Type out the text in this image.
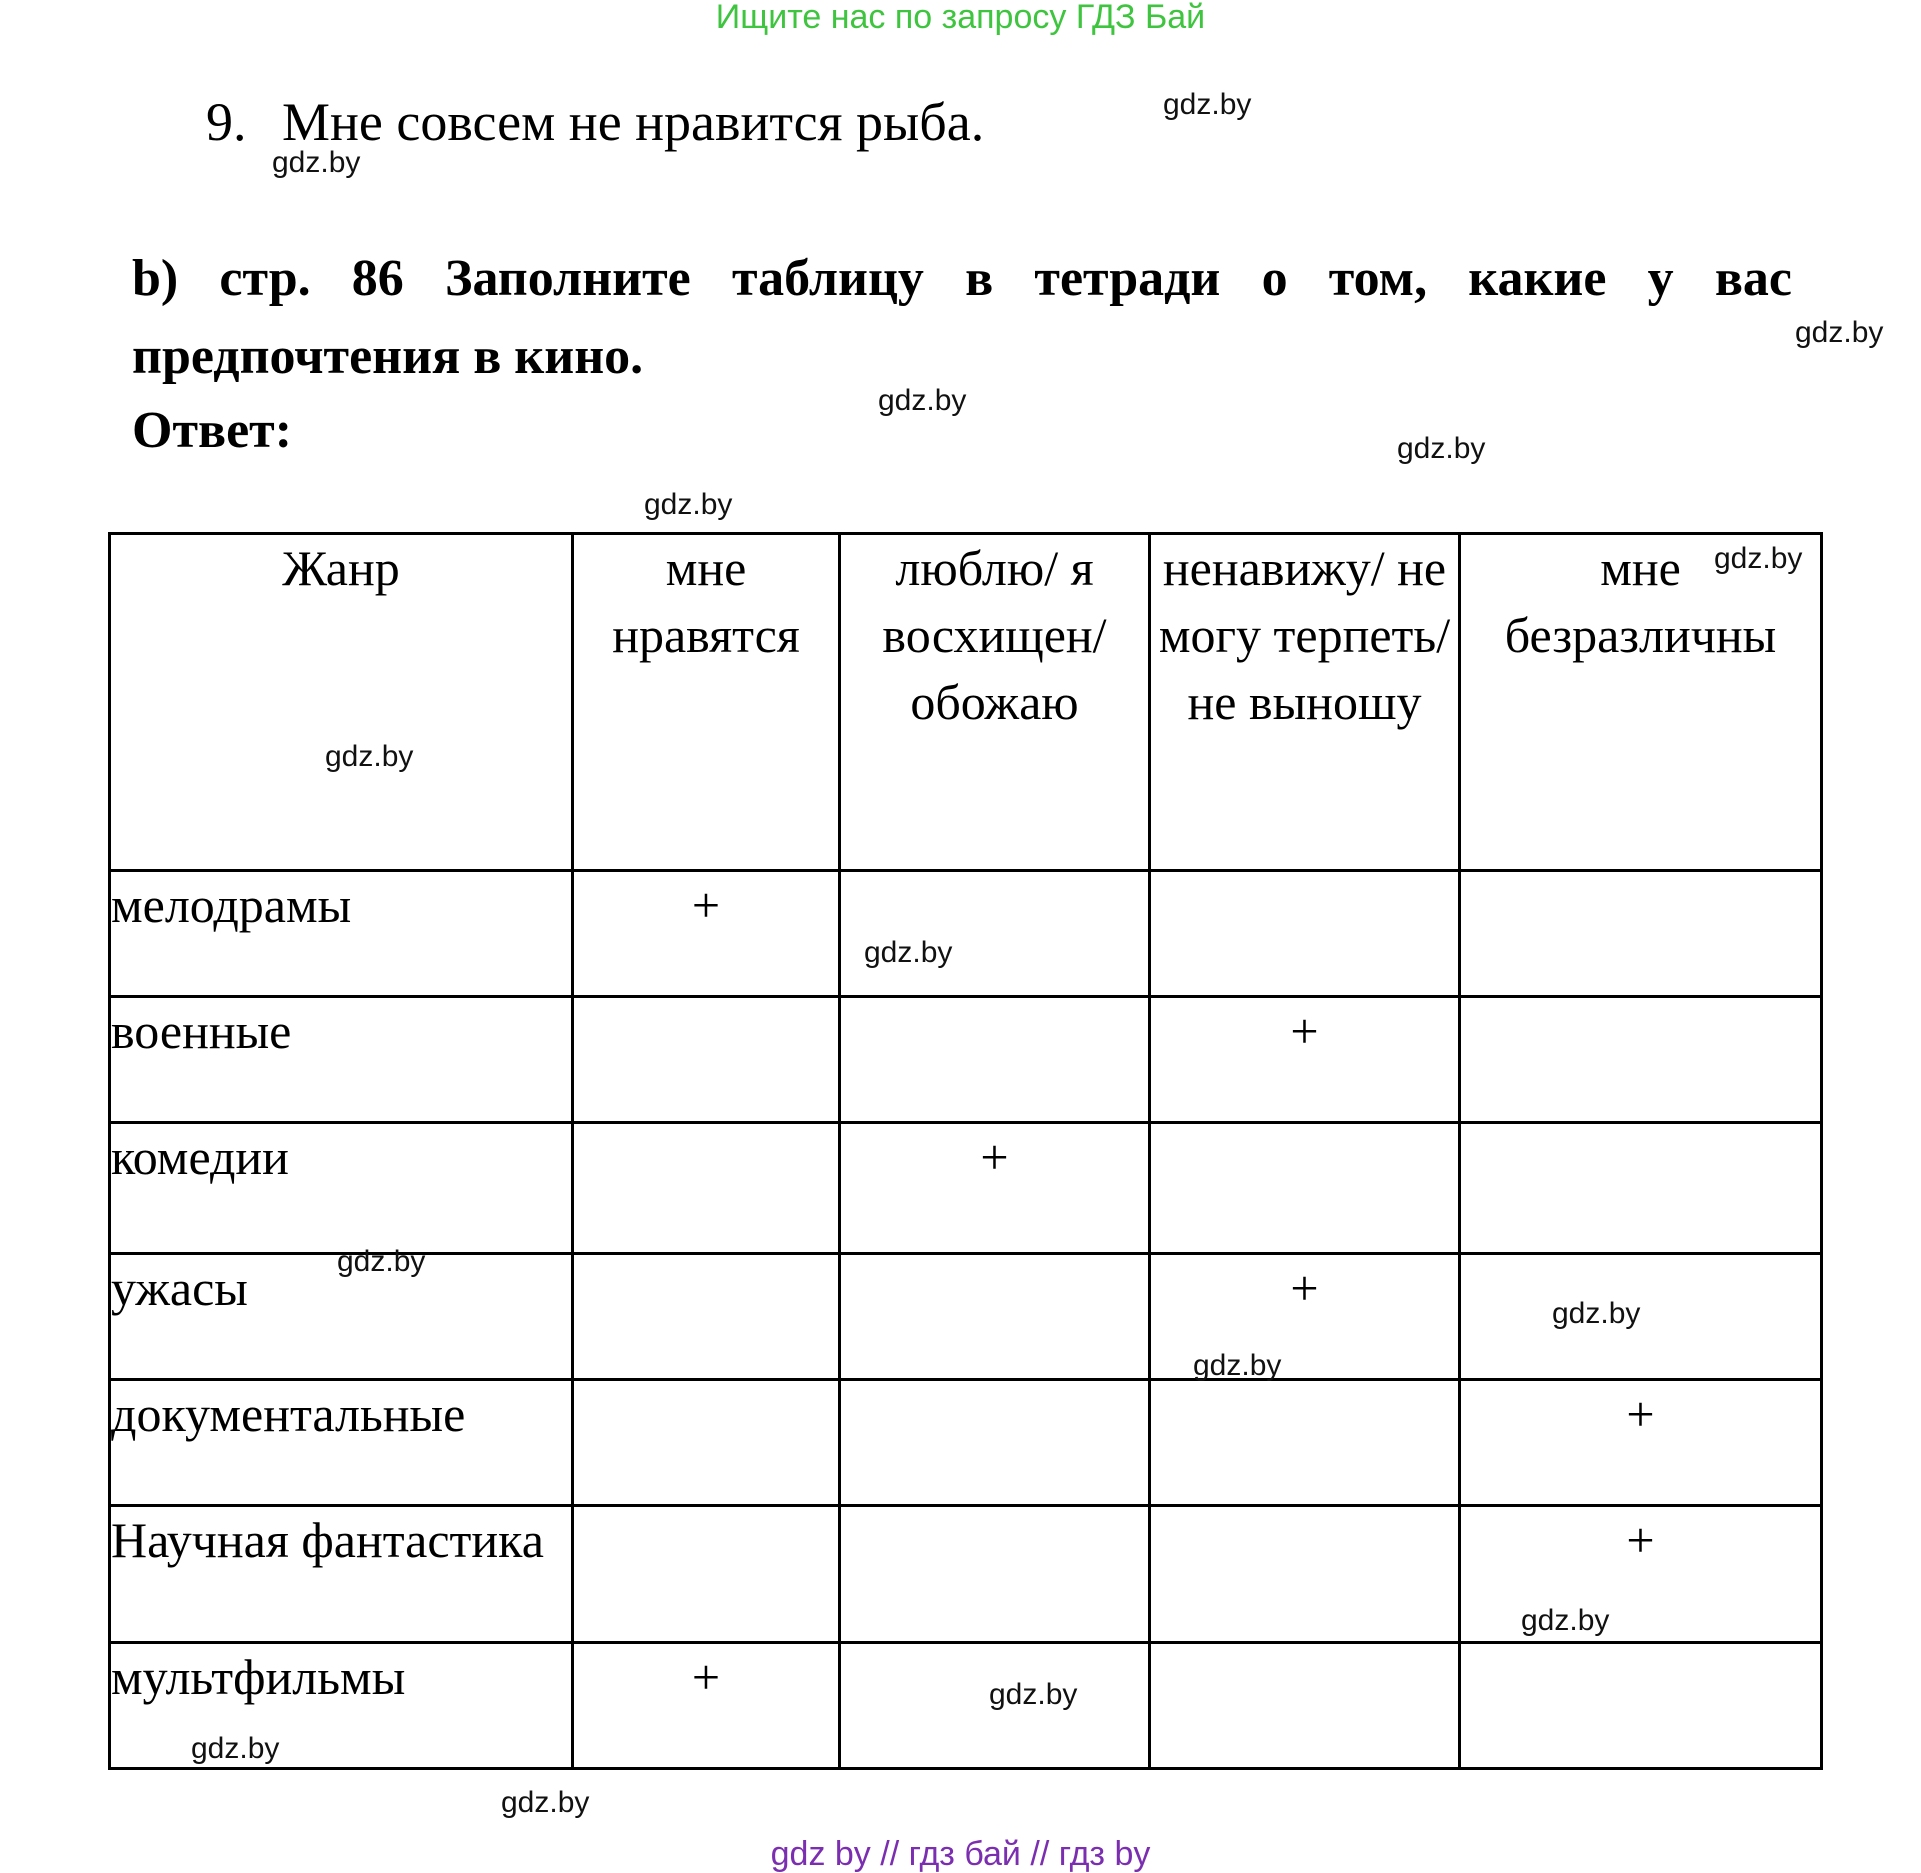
Ищите нас по запросу ГДЗ Бай
9. Мне совсем не нравится рыба.
b) стр. 86 Заполните таблицу в тетради о том, какие у вас предпочтения в кино.
Ответ:
Жанр	мне нравятся	люблю/ я восхищен/ обожаю	ненавижу/ не могу терпеть/ не выношу	мне безразличны
мелодрамы	+			
военные			+	
комедии		+		
ужасы			+	
документальные				+
Научная фантастика				+
мультфильмы	+			
gdz.by
gdz.by
gdz.by
gdz.by
gdz.by
gdz.by
gdz.by
gdz.by
gdz.by
gdz.by
gdz.by
gdz.by
gdz.by
gdz.by
gdz.by
gdz.by
gdz by // гдз бай // гдз by
